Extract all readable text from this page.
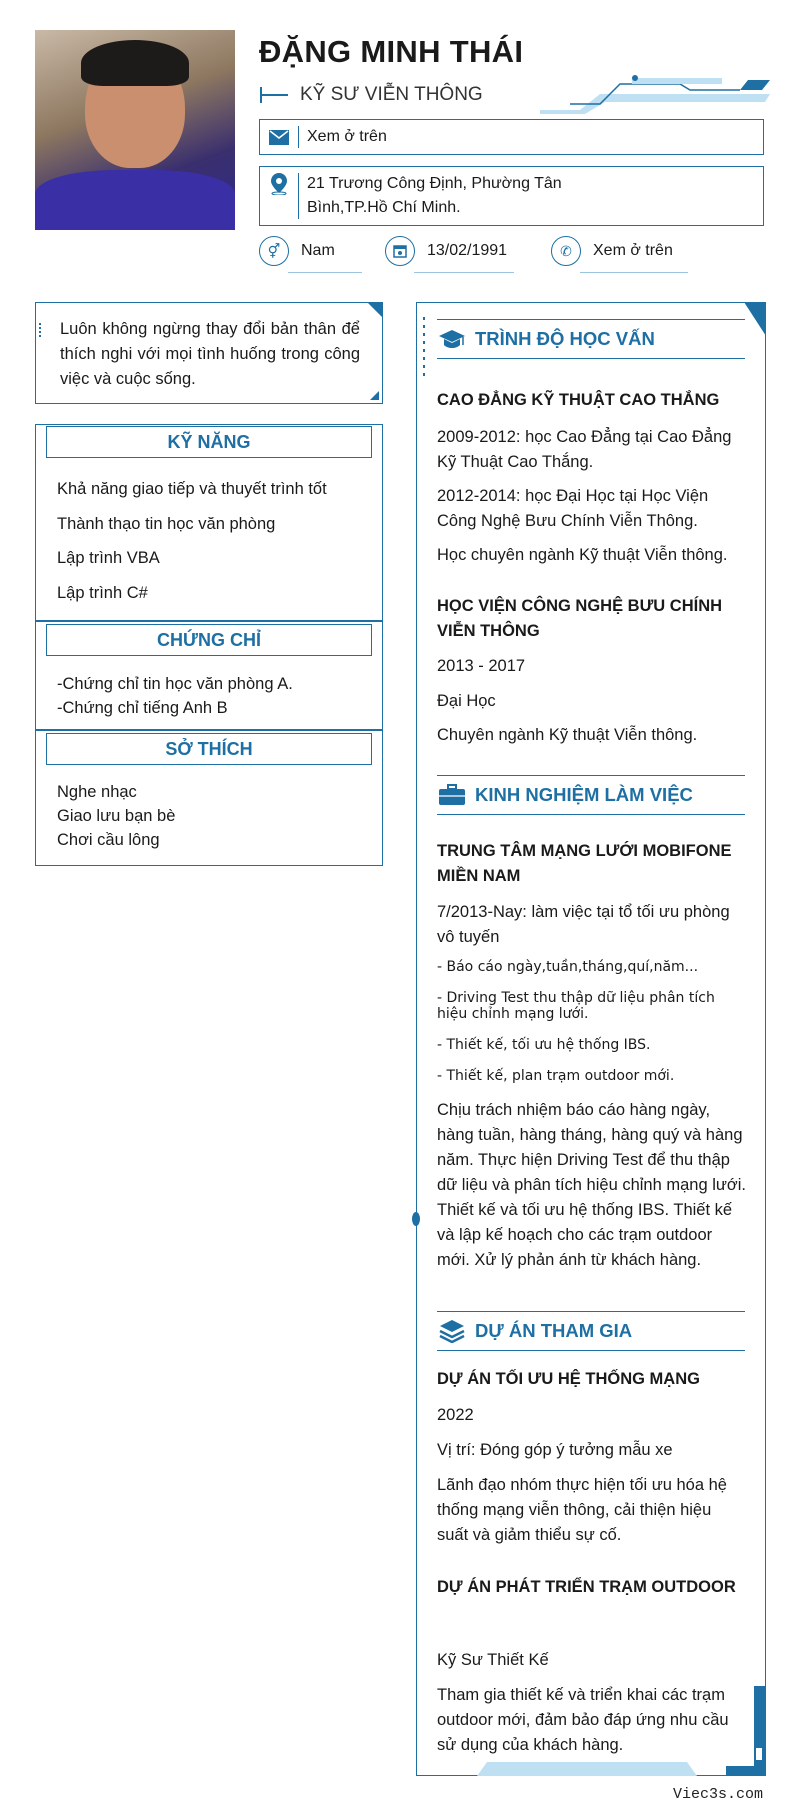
ĐẶNG MINH THÁI
KỸ SƯ VIỄN THÔNG
Xem ở trên
21 Trương Công Định, Phường Tân
Bình,TP.Hồ Chí Minh.
⚥	Nam	13/02/1991	✆	Xem ở trên
Luôn không ngừng thay đổi bản thân để thích nghi với mọi tình huống trong công việc và cuộc sống.
KỸ NĂNG
Khả năng giao tiếp và thuyết trình tốt
Thành thạo tin học văn phòng
Lập trình VBA
Lập trình C#
CHỨNG CHỈ
-Chứng chỉ tin học văn phòng A.
-Chứng chỉ tiếng Anh B
SỞ THÍCH
Nghe nhạc
Giao lưu bạn bè
Chơi cầu lông
TRÌNH ĐỘ HỌC VẤN
CAO ĐẲNG KỸ THUẬT CAO THẮNG
2009-2012: học Cao Đẳng tại Cao Đẳng Kỹ Thuật Cao Thắng.
2012-2014: học Đại Học tại Học Viện Công Nghệ Bưu Chính Viễn Thông.
Học chuyên ngành Kỹ thuật Viễn thông.
HỌC VIỆN CÔNG NGHỆ BƯU CHÍNH VIỄN THÔNG
2013 - 2017
Đại Học
Chuyên ngành Kỹ thuật Viễn thông.
KINH NGHIỆM LÀM VIỆC
TRUNG TÂM MẠNG LƯỚI MOBIFONE MIỀN NAM
7/2013-Nay: làm việc tại tổ tối ưu phòng vô tuyến
- Báo cáo ngày,tuần,tháng,quí,năm...
- Driving Test thu thập dữ liệu phân tích hiệu chỉnh mạng lưới.
- Thiết kế, tối ưu hệ thống IBS.
- Thiết kế, plan trạm outdoor mới.
Chịu trách nhiệm báo cáo hàng ngày, hàng tuần, hàng tháng, hàng quý và hàng năm. Thực hiện Driving Test để thu thập dữ liệu và phân tích hiệu chỉnh mạng lưới. Thiết kế và tối ưu hệ thống IBS. Thiết kế và lập kế hoạch cho các trạm outdoor mới. Xử lý phản ánh từ khách hàng.
DỰ ÁN THAM GIA
DỰ ÁN TỐI ƯU HỆ THỐNG MẠNG
2022
Vị trí: Đóng góp ý tưởng mẫu xe
Lãnh đạo nhóm thực hiện tối ưu hóa hệ thống mạng viễn thông, cải thiện hiệu suất và giảm thiểu sự cố.
DỰ ÁN PHÁT TRIỂN TRẠM OUTDOOR
Kỹ Sư Thiết Kế
Tham gia thiết kế và triển khai các trạm outdoor mới, đảm bảo đáp ứng nhu cầu sử dụng của khách hàng.
Viec3s.com
